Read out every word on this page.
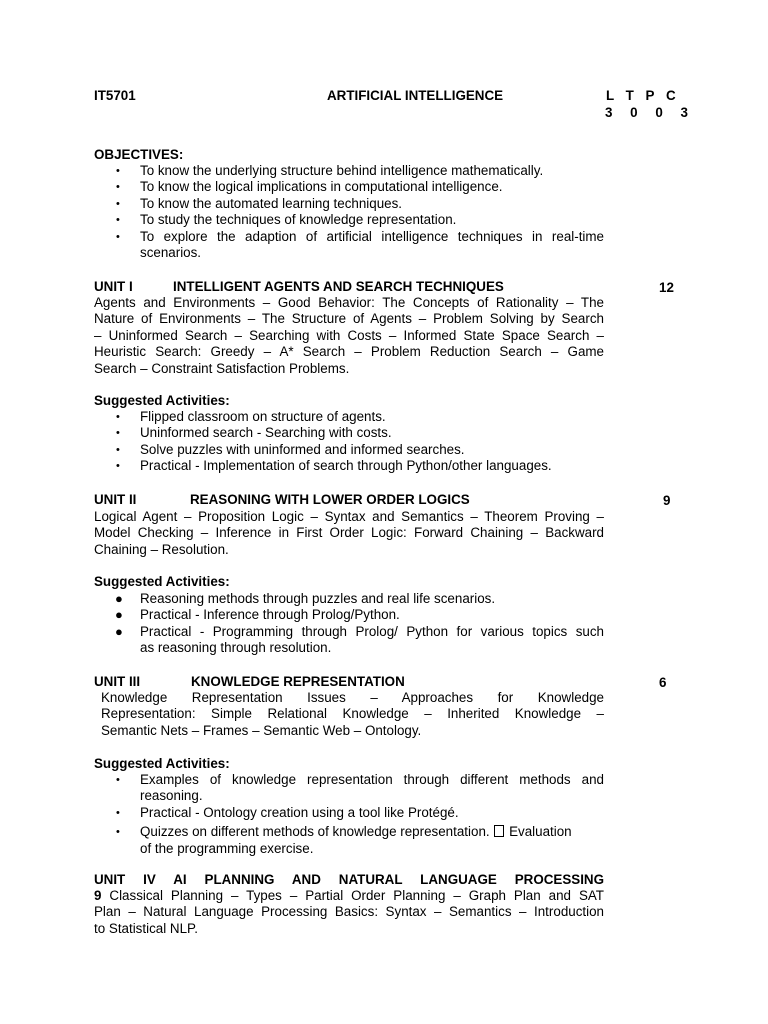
IT5701	ARTIFICIAL INTELLIGENCE	L T P C
3 0 0 3
OBJECTIVES:
• To know the underlying structure behind intelligence mathematically.
• To know the logical implications in computational intelligence.
• To know the automated learning techniques.
• To study the techniques of knowledge representation.
• To explore the adaption of artificial intelligence techniques in real-time
scenarios.
UNIT I	INTELLIGENT AGENTS AND SEARCH TECHNIQUES	12
Agents and Environments – Good Behavior: The Concepts of Rationality – The
Nature of Environments – The Structure of Agents – Problem Solving by Search
– Uninformed Search – Searching with Costs – Informed State Space Search –
Heuristic Search: Greedy – A* Search – Problem Reduction Search – Game
Search – Constraint Satisfaction Problems.
Suggested Activities:
• Flipped classroom on structure of agents.
• Uninformed search - Searching with costs.
• Solve puzzles with uninformed and informed searches.
• Practical - Implementation of search through Python/other languages.
UNIT II	REASONING WITH LOWER ORDER LOGICS	9
Logical Agent – Proposition Logic – Syntax and Semantics – Theorem Proving –
Model Checking – Inference in First Order Logic: Forward Chaining – Backward
Chaining – Resolution.
Suggested Activities:
● Reasoning methods through puzzles and real life scenarios.
● Practical - Inference through Prolog/Python.
● Practical - Programming through Prolog/ Python for various topics such
as reasoning through resolution.
UNIT III	KNOWLEDGE REPRESENTATION	6
Knowledge Representation Issues – Approaches for Knowledge
Representation: Simple Relational Knowledge – Inherited Knowledge –
Semantic Nets – Frames – Semantic Web – Ontology.
Suggested Activities:
• Examples of knowledge representation through different methods and
reasoning.
• Practical - Ontology creation using a tool like Protégé.
• Quizzes on different methods of knowledge representation. Evaluation
of the programming exercise.
UNIT IV AI PLANNING AND NATURAL LANGUAGE PROCESSING
9 Classical Planning – Types – Partial Order Planning – Graph Plan and SAT
Plan – Natural Language Processing Basics: Syntax – Semantics – Introduction
to Statistical NLP.
